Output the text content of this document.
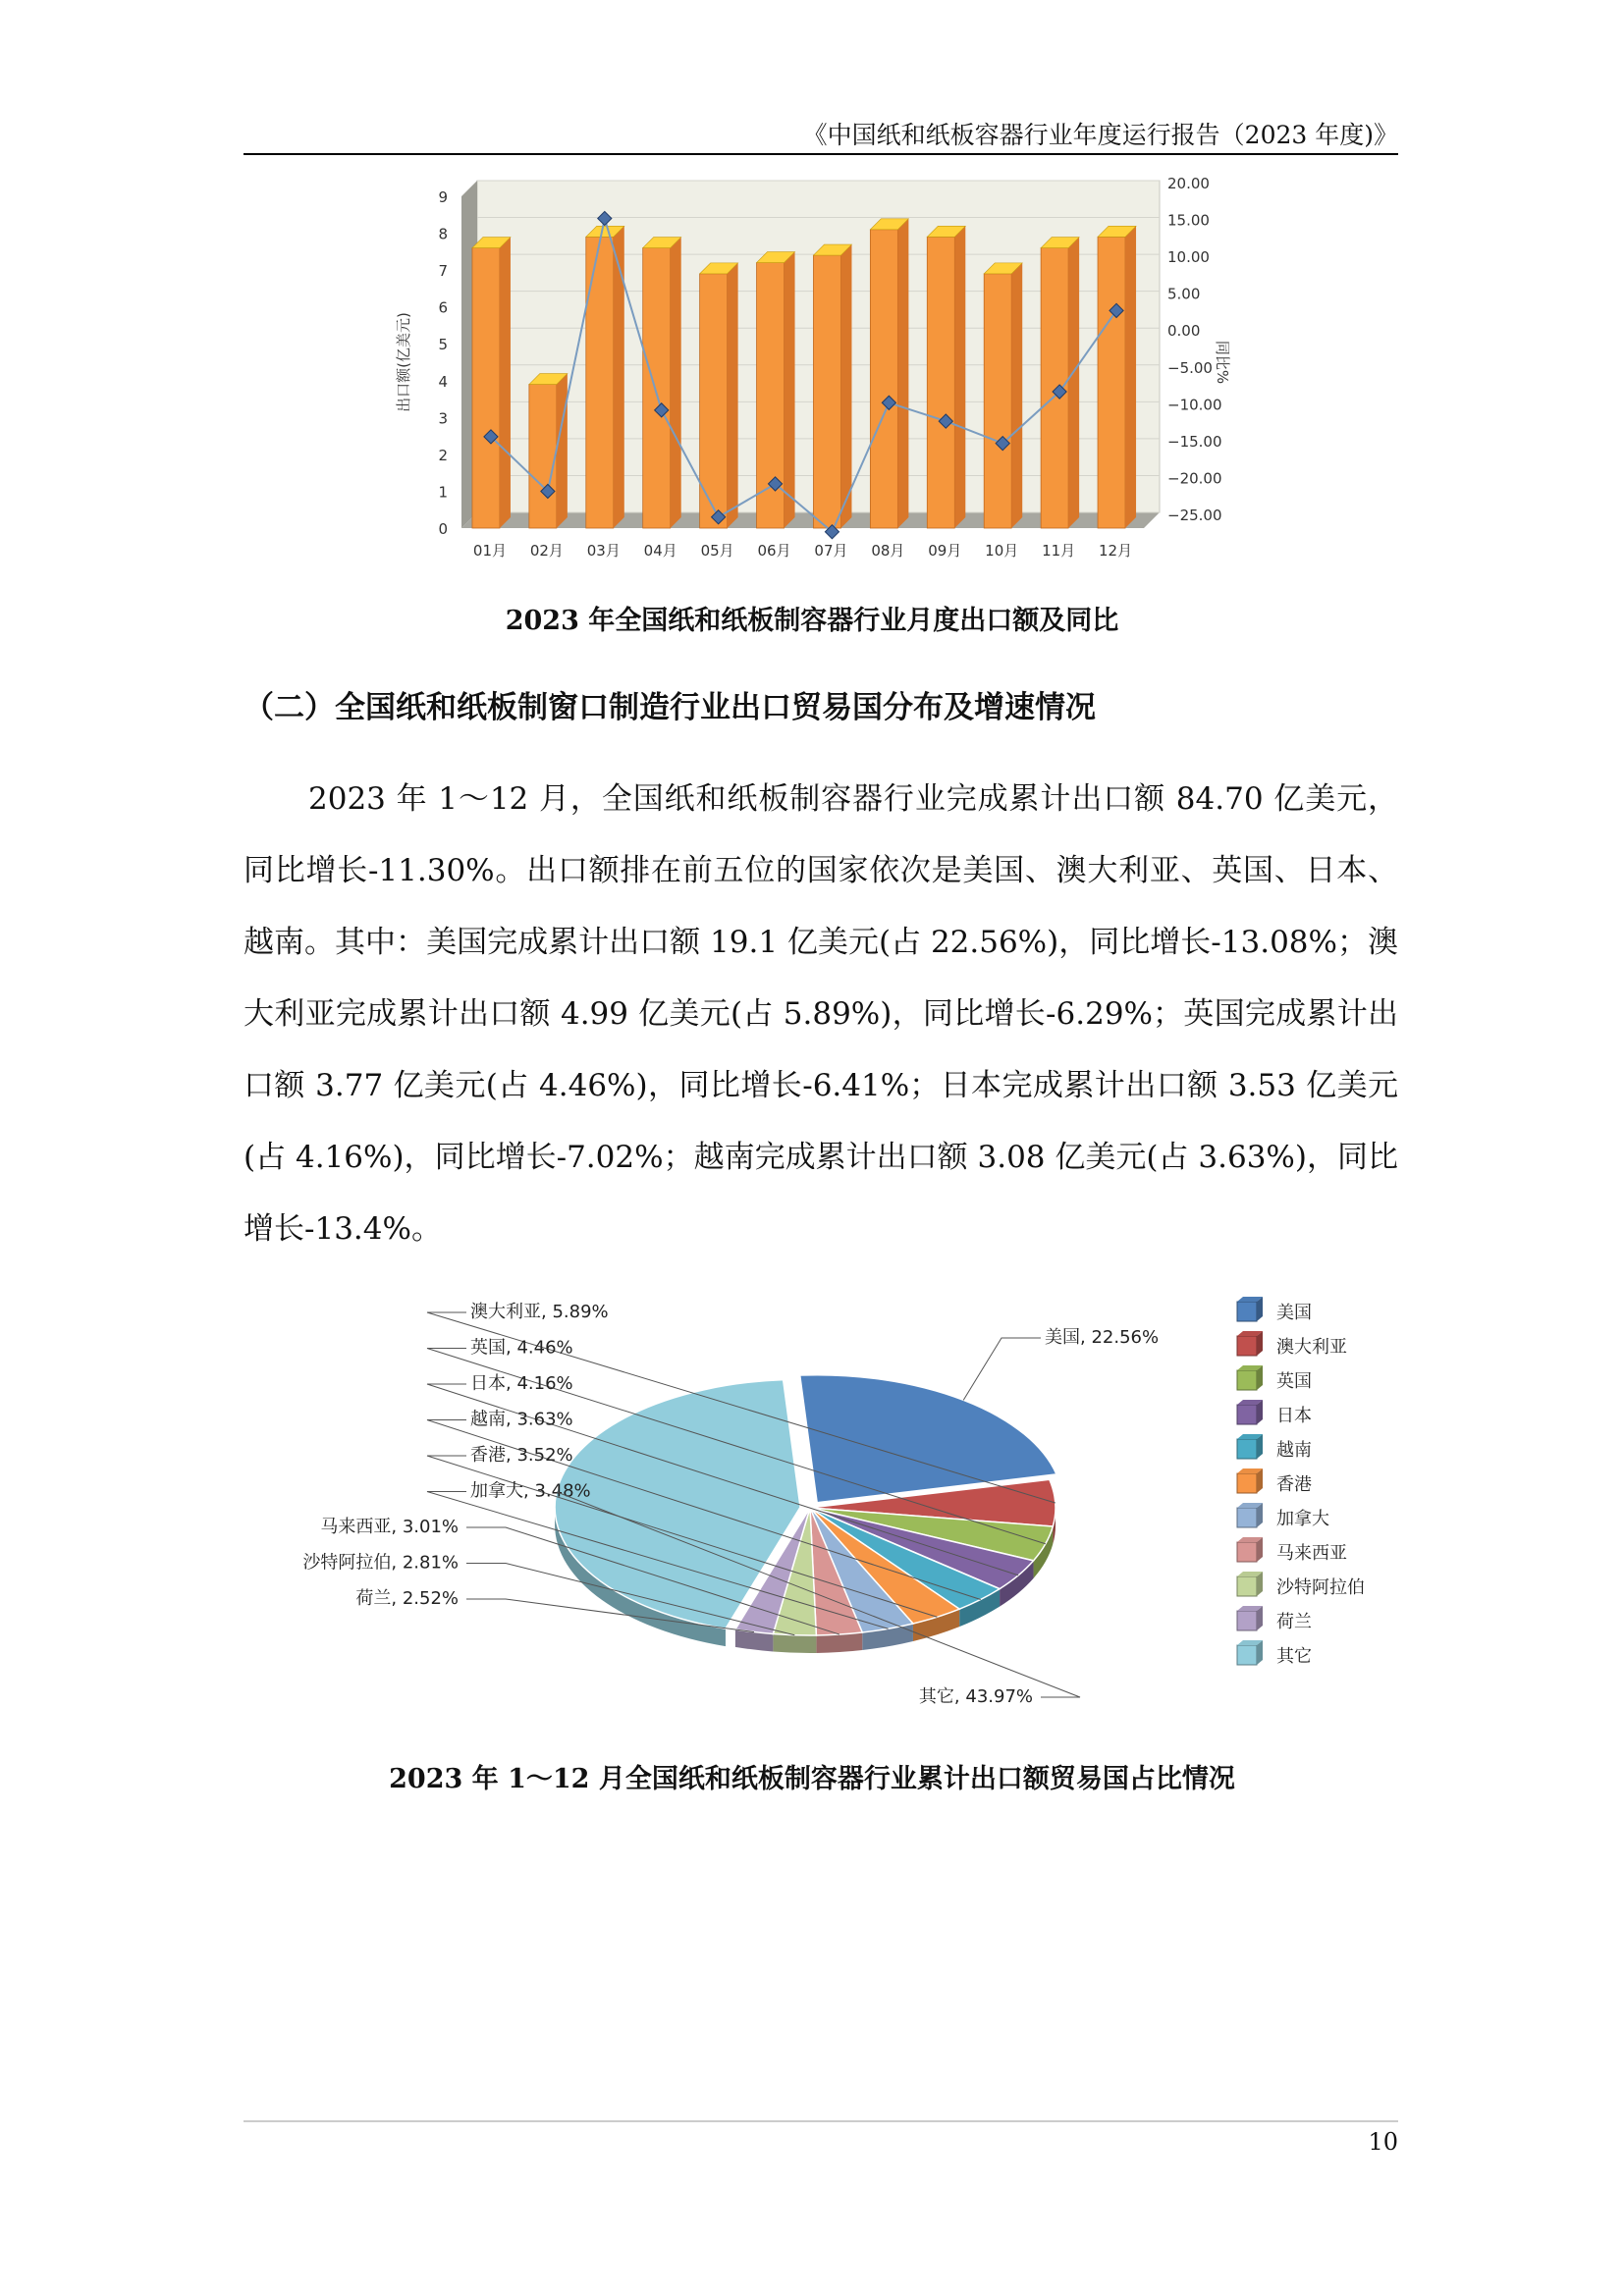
《中国纸和纸板容器行业年度运行报告（2023 年度)》
0
1
2
3
4
5
6
7
8
9
−25.00
−20.00
−15.00
−10.00
−5.00
0.00
5.00
10.00
15.00
20.00
出口额(亿美元)	同比%
01月 02月 03月 04月 05月 06月 07月 08月 09月 10月 11月 12月
2023 年全国纸和纸板制容器行业月度出口额及同比
（二）全国纸和纸板制窗口制造行业出口贸易国分布及增速情况

2023 年 1～12 月，全国纸和纸板制容器行业完成累计出口额 84.70 亿美元，同比增长-11.30%。出口额排在前五位的国家依次是美国、澳大利亚、英国、日本、越南。其中：美国完成累计出口额 19.1 亿美元(占 22.56%)，同比增长-13.08%；澳大利亚完成累计出口额 4.99 亿美元(占 5.89%)，同比增长-6.29%；英国完成累计出口额 3.77 亿美元(占 4.46%)，同比增长-6.41%；日本完成累计出口额 3.53 亿美元(占 4.16%)，同比增长-7.02%；越南完成累计出口额 3.08 亿美元(占 3.63%)，同比增长-13.4%。

美国, 22.56%
澳大利亚, 5.89%
英国, 4.46%
日本, 4.16%
越南, 3.63%
香港, 3.52%
加拿大, 3.48%
马来西亚, 3.01%
沙特阿拉伯, 2.81%
荷兰, 2.52%
其它, 43.97%
美国
澳大利亚
英国
日本
越南
香港
加拿大
马来西亚
沙特阿拉伯
荷兰
其它
2023 年 1～12 月全国纸和纸板制容器行业累计出口额贸易国占比情况
10
